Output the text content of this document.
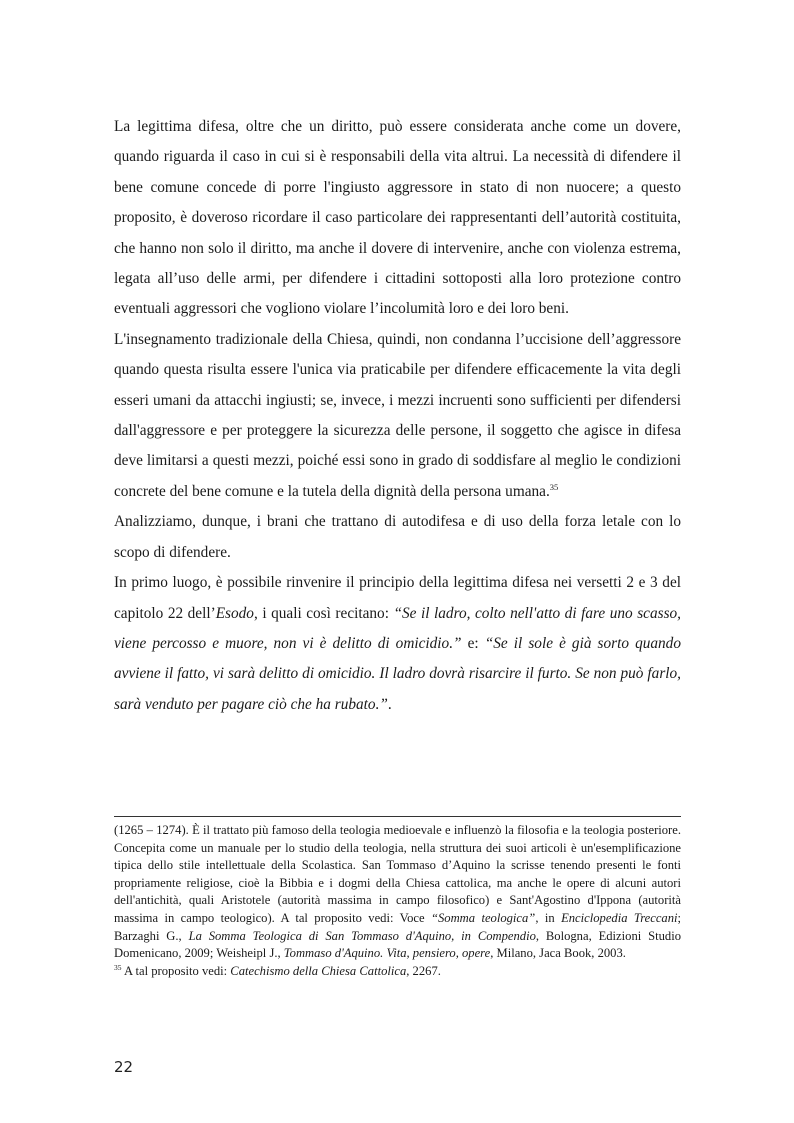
La legittima difesa, oltre che un diritto, può essere considerata anche come un dovere, quando riguarda il caso in cui si è responsabili della vita altrui. La necessità di difendere il bene comune concede di porre l'ingiusto aggressore in stato di non nuocere; a questo proposito, è doveroso ricordare il caso particolare dei rappresentanti dell’autorità costituita, che hanno non solo il diritto, ma anche il dovere di intervenire, anche con violenza estrema, legata all’uso delle armi, per difendere i cittadini sottoposti alla loro protezione contro eventuali aggressori che vogliono violare l’incolumità loro e dei loro beni.

L'insegnamento tradizionale della Chiesa, quindi, non condanna l’uccisione dell’aggressore quando questa risulta essere l'unica via praticabile per difendere efficacemente la vita degli esseri umani da attacchi ingiusti; se, invece, i mezzi incruenti sono sufficienti per difendersi dall'aggressore e per proteggere la sicurezza delle persone, il soggetto che agisce in difesa deve limitarsi a questi mezzi, poiché essi sono in grado di soddisfare al meglio le condizioni concrete del bene comune e la tutela della dignità della persona umana.$^{35}$

Analizziamo, dunque, i brani che trattano di autodifesa e di uso della forza letale con lo scopo di difendere.

In primo luogo, è possibile rinvenire il principio della legittima difesa nei versetti 2 e 3 del capitolo 22 dell’Esodo, i quali così recitano: “Se il ladro, colto nell'atto di fare uno scasso, viene percosso e muore, non vi è delitto di omicidio.” e: “Se il sole è già sorto quando avviene il fatto, vi sarà delitto di omicidio. Il ladro dovrà risarcire il furto. Se non può farlo, sarà venduto per pagare ciò che ha rubato.”.

(1265 – 1274). È il trattato più famoso della teologia medioevale e influenzò la filosofia e la teologia posteriore. Concepita come un manuale per lo studio della teologia, nella struttura dei suoi articoli è un'esemplificazione tipica dello stile intellettuale della Scolastica. San Tommaso d’Aquino la scrisse tenendo presenti le fonti propriamente religiose, cioè la Bibbia e i dogmi della Chiesa cattolica, ma anche le opere di alcuni autori dell'antichità, quali Aristotele (autorità massima in campo filosofico) e Sant'Agostino d'Ippona (autorità massima in campo teologico). A tal proposito vedi: Voce “Somma teologica”, in Enciclopedia Treccani; Barzaghi G., La Somma Teologica di San Tommaso d'Aquino, in Compendio, Bologna, Edizioni Studio Domenicano, 2009; Weisheipl J., Tommaso d'Aquino. Vita, pensiero, opere, Milano, Jaca Book, 2003.

$^{35}$ A tal proposito vedi: Catechismo della Chiesa Cattolica, 2267.

22
